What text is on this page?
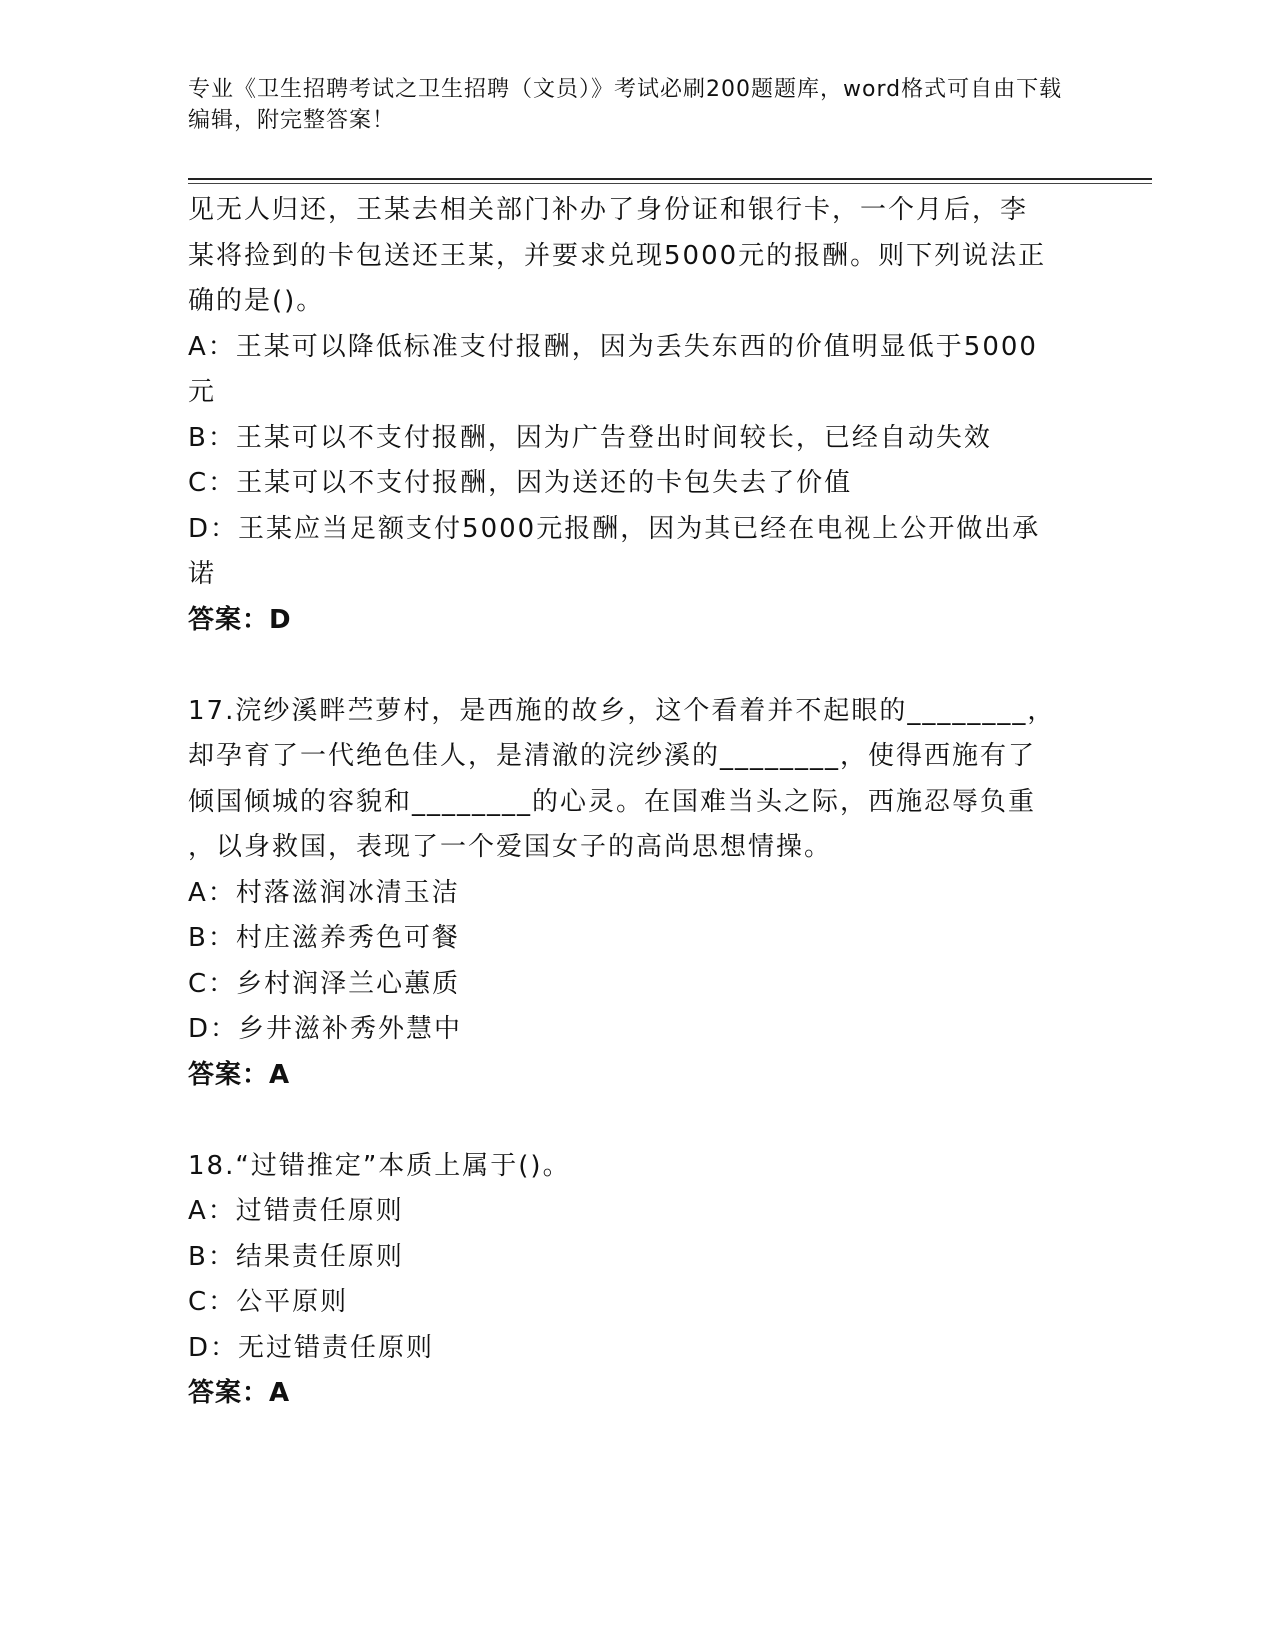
专业《卫生招聘考试之卫生招聘（文员）》考试必刷200题题库，word格式可自由下载编辑，附完整答案！

见无人归还，王某去相关部门补办了身份证和银行卡，一个月后，李

某将捡到的卡包送还王某，并要求兑现5000元的报酬。则下列说法正

确的是()。

A：王某可以降低标准支付报酬，因为丢失东西的价值明显低于5000

元

B：王某可以不支付报酬，因为广告登出时间较长，已经自动失效

C：王某可以不支付报酬，因为送还的卡包失去了价值

D：王某应当足额支付5000元报酬，因为其已经在电视上公开做出承

诺

答案：D

17.浣纱溪畔苎萝村，是西施的故乡，这个看着并不起眼的________，

却孕育了一代绝色佳人，是清澈的浣纱溪的________，使得西施有了

倾国倾城的容貌和________的心灵。在国难当头之际，西施忍辱负重

，以身救国，表现了一个爱国女子的高尚思想情操。

A：村落滋润冰清玉洁

B：村庄滋养秀色可餐

C：乡村润泽兰心蕙质

D：乡井滋补秀外慧中

答案：A

18.“过错推定”本质上属于()。

A：过错责任原则

B：结果责任原则

C：公平原则

D：无过错责任原则

答案：A
